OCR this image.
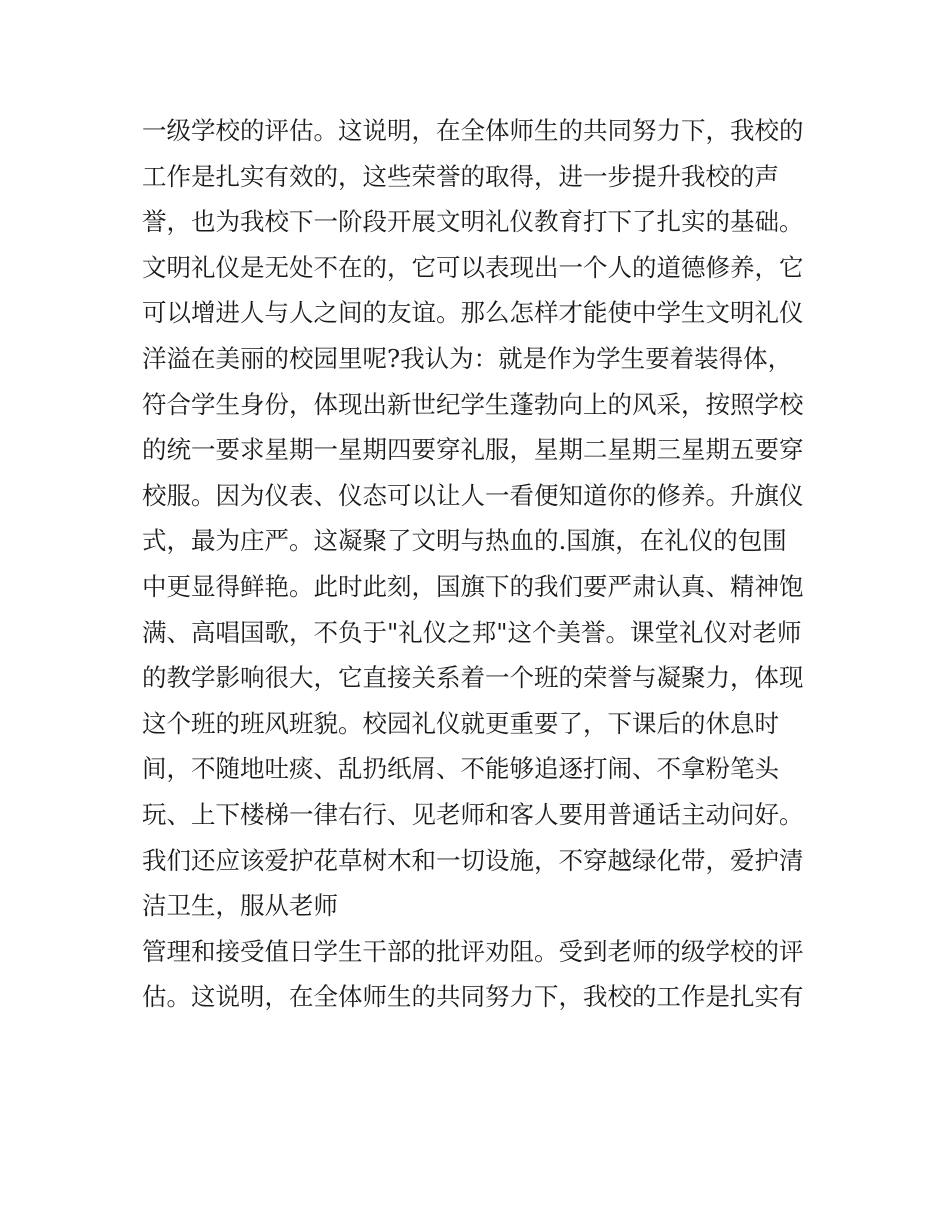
一级学校的评估。这说明，在全体师生的共同努力下，我校的
工作是扎实有效的，这些荣誉的取得，进一步提升我校的声
誉，也为我校下一阶段开展文明礼仪教育打下了扎实的基础。
文明礼仪是无处不在的，它可以表现出一个人的道德修养，它
可以增进人与人之间的友谊。那么怎样才能使中学生文明礼仪
洋溢在美丽的校园里呢?我认为：就是作为学生要着装得体，
符合学生身份，体现出新世纪学生蓬勃向上的风采，按照学校
的统一要求星期一星期四要穿礼服，星期二星期三星期五要穿
校服。因为仪表、仪态可以让人一看便知道你的修养。升旗仪
式，最为庄严。这凝聚了文明与热血的.国旗，在礼仪的包围
中更显得鲜艳。此时此刻，国旗下的我们要严肃认真、精神饱
满、高唱国歌，不负于"礼仪之邦"这个美誉。课堂礼仪对老师
的教学影响很大，它直接关系着一个班的荣誉与凝聚力，体现
这个班的班风班貌。校园礼仪就更重要了，下课后的休息时
间，不随地吐痰、乱扔纸屑、不能够追逐打闹、不拿粉笔头
玩、上下楼梯一律右行、见老师和客人要用普通话主动问好。
我们还应该爱护花草树木和一切设施，不穿越绿化带，爱护清
洁卫生，服从老师
管理和接受值日学生干部的批评劝阻。受到老师的级学校的评
估。这说明，在全体师生的共同努力下，我校的工作是扎实有
